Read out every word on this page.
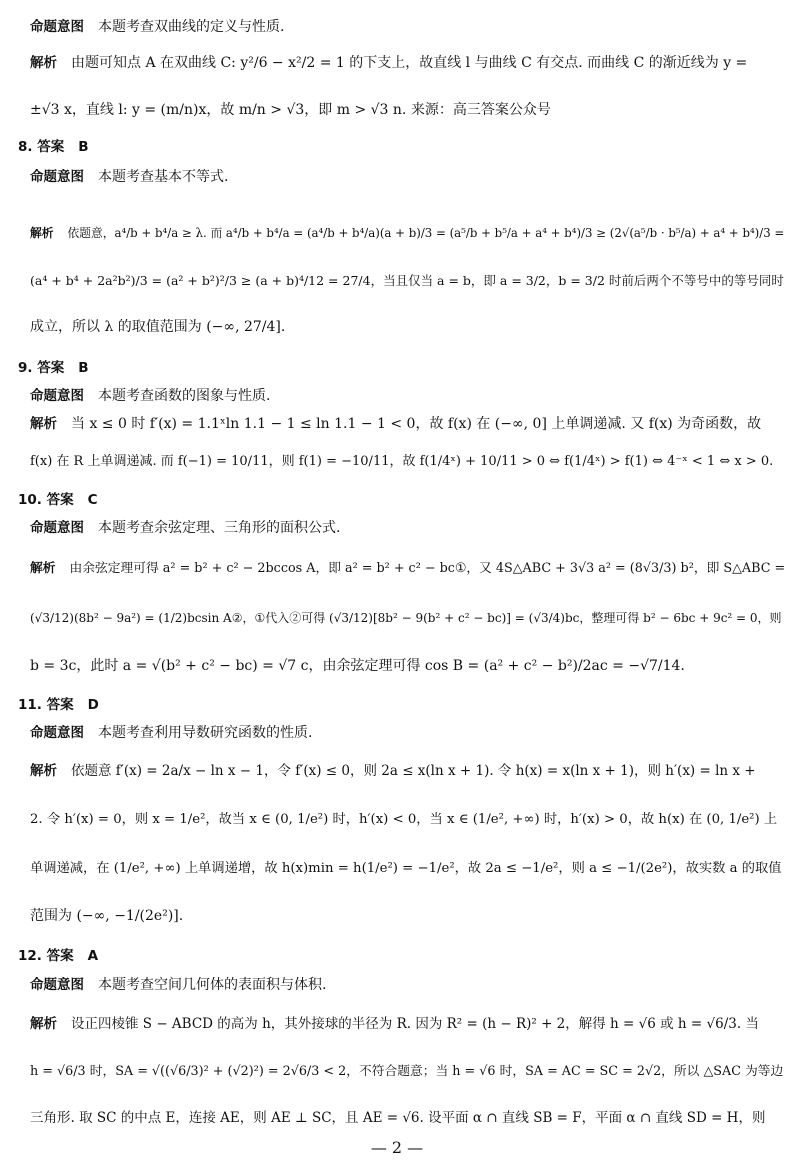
命题意图 本题考查双曲线的定义与性质.
解析 由题可知点 A 在双曲线 C: y²/6 − x²/2 = 1 的下支上，故直线 l 与曲线 C 有交点. 而曲线 C 的渐近线为 y =
±√3 x，直线 l: y = (m/n)x，故 m/n > √3，即 m > √3 n. 来源：高三答案公众号
8. 答案 B
命题意图 本题考查基本不等式.
解析 依题意，a⁴/b + b⁴/a ≥ λ. 而 a⁴/b + b⁴/a = (a⁴/b + b⁴/a)(a + b)/3 = (a⁵/b + b⁵/a + a⁴ + b⁴)/3 ≥ (2√(a⁵/b · b⁵/a) + a⁴ + b⁴)/3 =
(a⁴ + b⁴ + 2a²b²)/3 = (a² + b²)²/3 ≥ (a + b)⁴/12 = 27/4，当且仅当 a = b，即 a = 3/2，b = 3/2 时前后两个不等号中的等号同时
成立，所以 λ 的取值范围为 (−∞, 27/4].
9. 答案 B
命题意图 本题考查函数的图象与性质.
解析 当 x ≤ 0 时 f′(x) = 1.1ˣln 1.1 − 1 ≤ ln 1.1 − 1 < 0，故 f(x) 在 (−∞, 0] 上单调递减. 又 f(x) 为奇函数，故
f(x) 在 R 上单调递减. 而 f(−1) = 10/11，则 f(1) = −10/11，故 f(1/4ˣ) + 10/11 > 0 ⇔ f(1/4ˣ) > f(1) ⇔ 4⁻ˣ < 1 ⇔ x > 0.
10. 答案 C
命题意图 本题考查余弦定理、三角形的面积公式.
解析 由余弦定理可得 a² = b² + c² − 2bccos A，即 a² = b² + c² − bc①，又 4S△ABC + 3√3 a² = (8√3/3) b²，即 S△ABC =
(√3/12)(8b² − 9a²) = (1/2)bcsin A②，①代入②可得 (√3/12)[8b² − 9(b² + c² − bc)] = (√3/4)bc，整理可得 b² − 6bc + 9c² = 0，则
b = 3c，此时 a = √(b² + c² − bc) = √7 c，由余弦定理可得 cos B = (a² + c² − b²)/2ac = −√7/14.
11. 答案 D
命题意图 本题考查利用导数研究函数的性质.
解析 依题意 f′(x) = 2a/x − ln x − 1，令 f′(x) ≤ 0，则 2a ≤ x(ln x + 1). 令 h(x) = x(ln x + 1)，则 h′(x) = ln x +
2. 令 h′(x) = 0，则 x = 1/e²，故当 x ∈ (0, 1/e²) 时，h′(x) < 0，当 x ∈ (1/e², +∞) 时，h′(x) > 0，故 h(x) 在 (0, 1/e²) 上
单调递减，在 (1/e², +∞) 上单调递增，故 h(x)min = h(1/e²) = −1/e²，故 2a ≤ −1/e²，则 a ≤ −1/(2e²)，故实数 a 的取值
范围为 (−∞, −1/(2e²)].
12. 答案 A
命题意图 本题考查空间几何体的表面积与体积.
解析 设正四棱锥 S − ABCD 的高为 h，其外接球的半径为 R. 因为 R² = (h − R)² + 2，解得 h = √6 或 h = √6/3. 当
h = √6/3 时，SA = √((√6/3)² + (√2)²) = 2√6/3 < 2，不符合题意；当 h = √6 时，SA = AC = SC = 2√2，所以 △SAC 为等边
三角形. 取 SC 的中点 E，连接 AE，则 AE ⊥ SC，且 AE = √6. 设平面 α ∩ 直线 SB = F，平面 α ∩ 直线 SD = H，则
— 2 —
